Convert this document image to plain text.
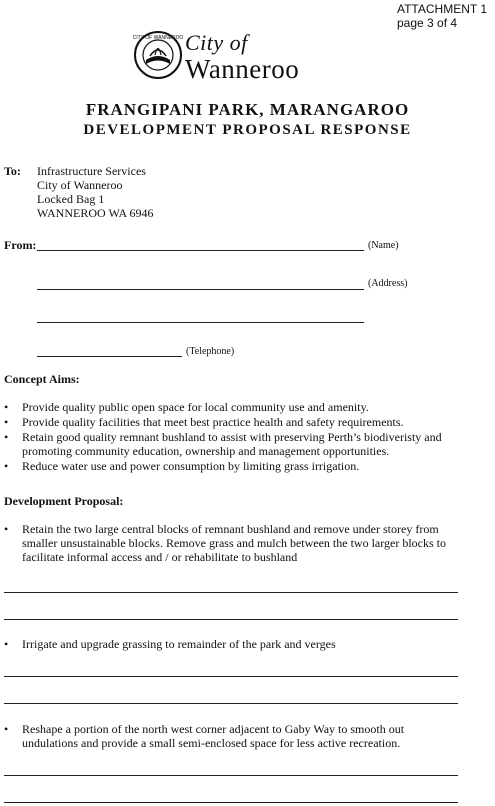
ATTACHMENT 1
page 3 of 4
CITY OF WANNEROO City of
Wanneroo
FRANGIPANI PARK, MARANGAROO
DEVELOPMENT PROPOSAL RESPONSE
To: Infrastructure Services
City of Wanneroo
Locked Bag 1
WANNEROO WA 6946
From:	(Name)
(Address)
(Telephone)
Concept Aims:
• Provide quality public open space for local community use and amenity.
• Provide quality facilities that meet best practice health and safety requirements.
• Retain good quality remnant bushland to assist with preserving Perth’s biodiveristy and
promoting community education, ownership and management opportunities.
• Reduce water use and power consumption by limiting grass irrigation.
Development Proposal:
• Retain the two large central blocks of remnant bushland and remove under storey from
smaller unsustainable blocks. Remove grass and mulch between the two larger blocks to
facilitate informal access and / or rehabilitate to bushland
• Irrigate and upgrade grassing to remainder of the park and verges
• Reshape a portion of the north west corner adjacent to Gaby Way to smooth out
undulations and provide a small semi-enclosed space for less active recreation.
